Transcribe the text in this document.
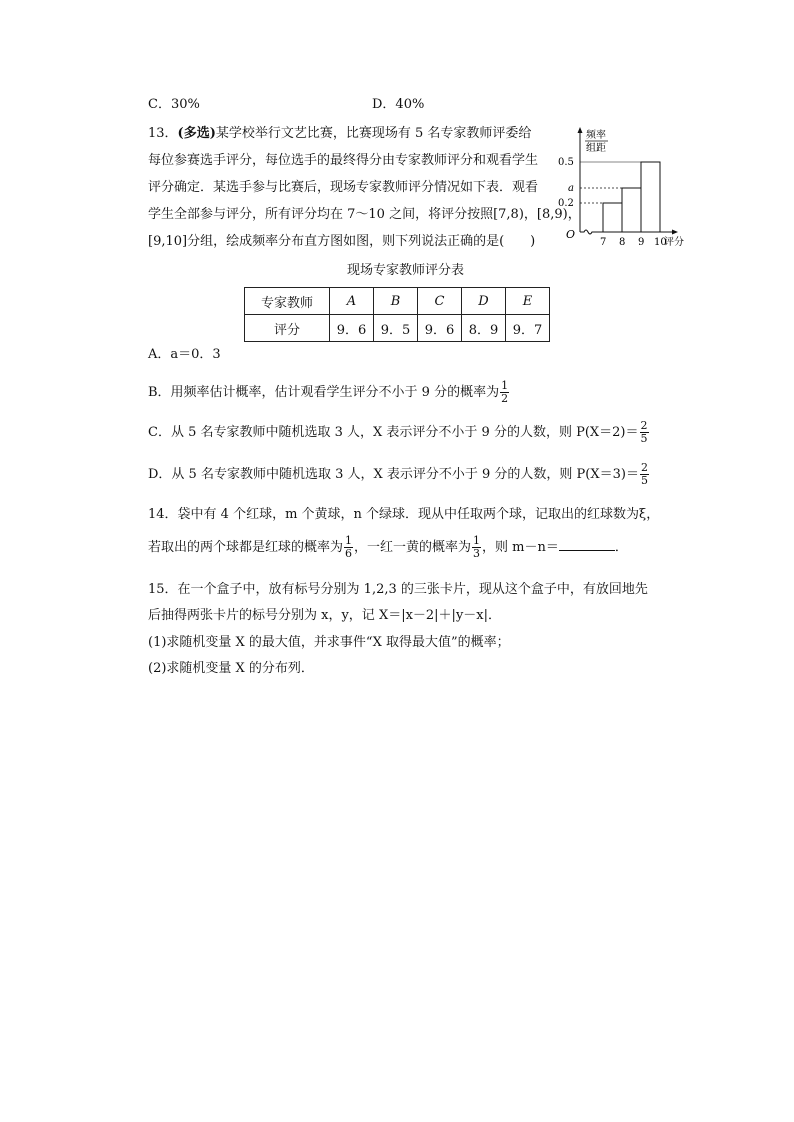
C．30%	D．40%
13．(多选)某学校举行文艺比赛，比赛现场有 5 名专家教师评委给
每位参赛选手评分，每位选手的最终得分由专家教师评分和观看学生
评分确定．某选手参与比赛后，现场专家教师评分情况如下表．观看
学生全部参与评分，所有评分均在 7～10 之间，将评分按照[7,8)，[8,9)，
[9,10]分组，绘成频率分布直方图如图，则下列说法正确的是(　　)
频率
组距
O
0.5
a
0.2
7 8 9 10
评分
现场专家教师评分表
专家教师	A	B	C	D	E
评分	9．6	9．5	9．6	8．9	9．7
A．a＝0．3
B．用频率估计概率，估计观看学生评分不小于 9 分的概率为 $\frac{1}{2}$
C．从 5 名专家教师中随机选取 3 人，X 表示评分不小于 9 分的人数，则 $P(X=2)= \frac{2}{5}$
D．从 5 名专家教师中随机选取 3 人，X 表示评分不小于 9 分的人数，则 $P(X=3)= \frac{2}{5}$
14．袋中有 4 个红球，m 个黄球，n 个绿球．现从中任取两个球，记取出的红球数为ξ，
若取出的两个球都是红球的概率为 $\frac{1}{6}$ ，一红一黄的概率为 $\frac{1}{3}$ ，则 m－n＝	．
15．在一个盒子中，放有标号分别为 1,2,3 的三张卡片，现从这个盒子中，有放回地先
后抽得两张卡片的标号分别为 x，y，记 X＝|x－2|＋|y－x|．
(1)求随机变量 X 的最大值，并求事件“X 取得最大值”的概率；
(2)求随机变量 X 的分布列．
